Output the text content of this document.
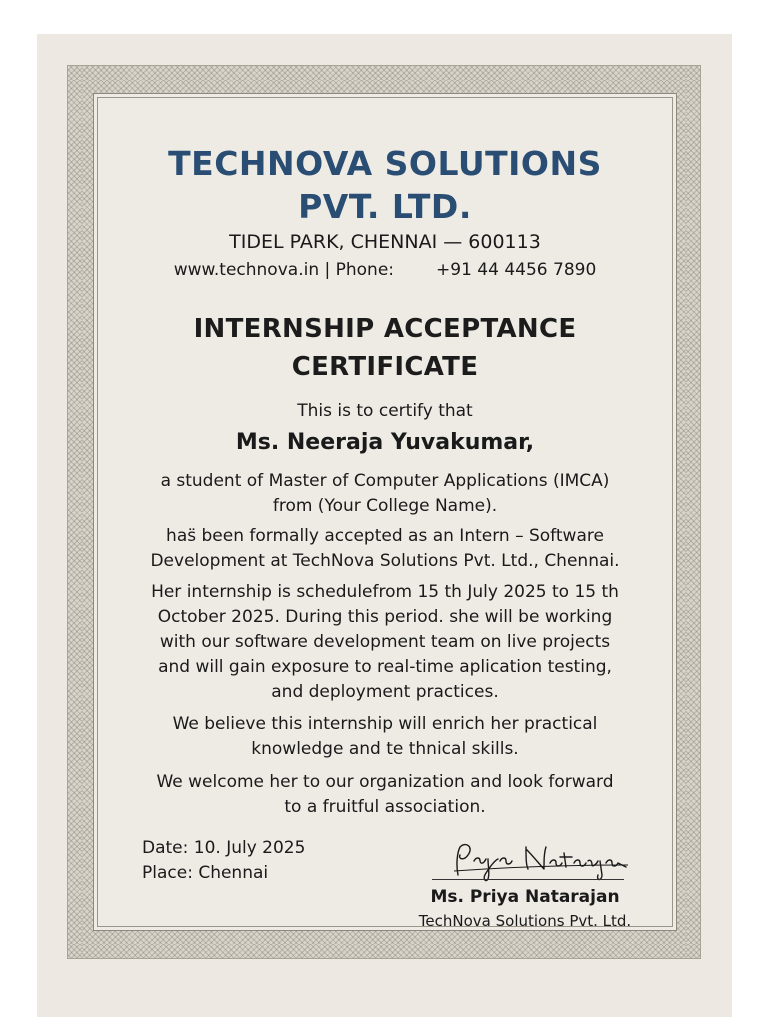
TECHNOVA SOLUTIONS
PVT. LTD.

TIDEL PARK, CHENNAI — 600113

www.technova.in | Phone: +91 44 4456 7890

INTERNSHIP ACCEPTANCE
CERTIFICATE

This is to certify that

Ms. Neeraja Yuvakumar,

a student of Master of Computer Applications (IMCA)
from (Your College Name).

has̈ been formally accepted as an Intern – Software
Development at TechNova Solutions Pvt. Ltd., Chennai.

Her internship is schedulefrom 15 th July 2025 to 15 th
October 2025. During this period. she will be working
with our software development team on live projects
and will gain exposure to real-time aplication testing,
and deployment practices.

We believe this internship will enrich her practical
knowledge and te thnical skills.

We welcome her to our organization and look forward
to a fruitful association.

Date: 10. July 2025
Place: Chennai

Ms. Priya Natarajan
TechNova Solutions Pvt. Ltd.
